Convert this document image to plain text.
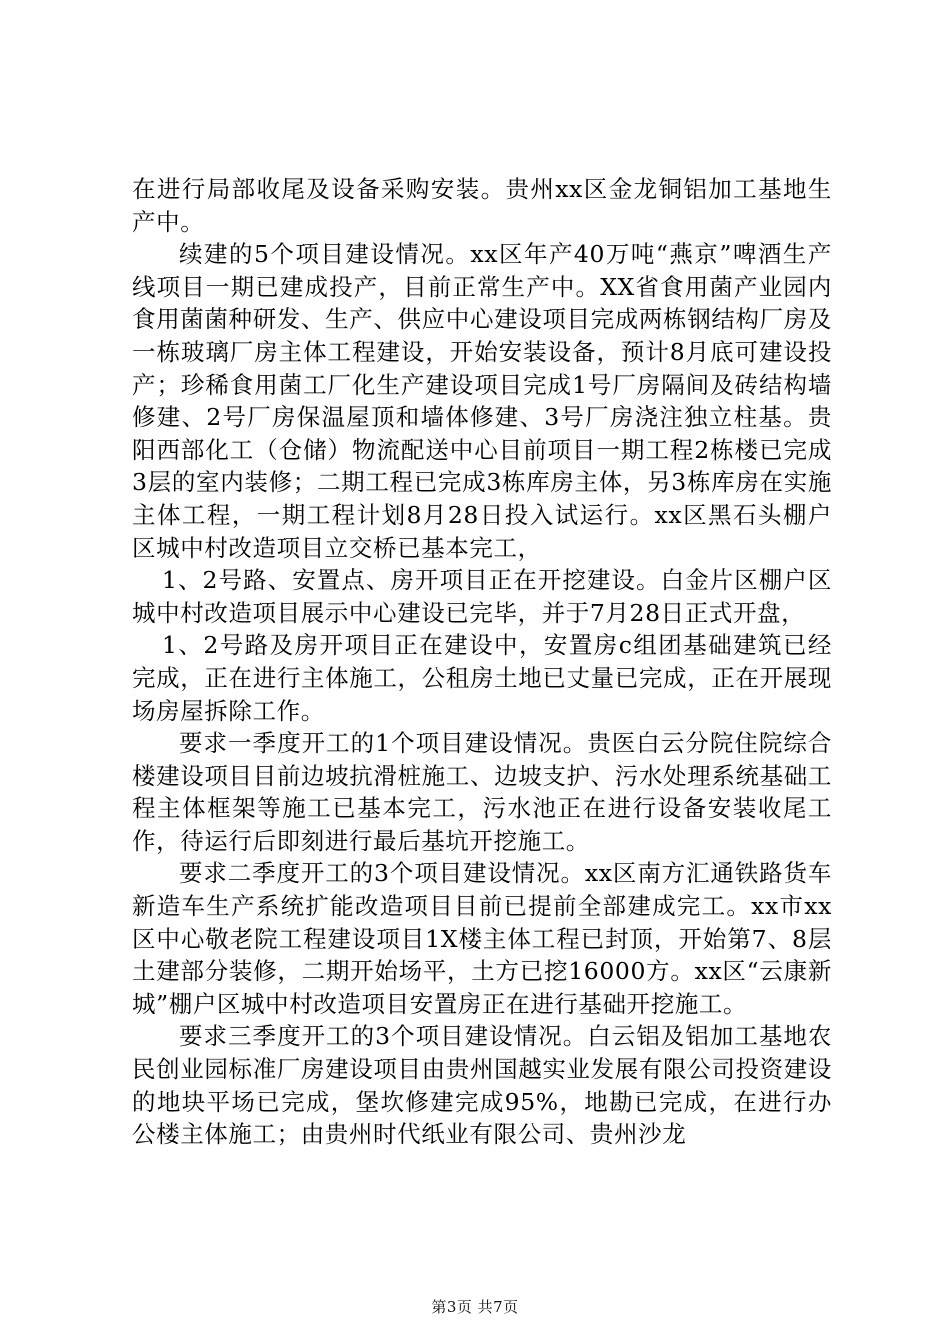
在进行局部收尾及设备采购安装。贵州xx区金龙铜铝加工基地生产中。

续建的5个项目建设情况。xx区年产40万吨“燕京”啤酒生产线项目一期已建成投产，目前正常生产中。XX省食用菌产业园内食用菌菌种研发、生产、供应中心建设项目完成两栋钢结构厂房及一栋玻璃厂房主体工程建设，开始安装设备，预计8月底可建设投产；珍稀食用菌工厂化生产建设项目完成1号厂房隔间及砖结构墙修建、2号厂房保温屋顶和墙体修建、3号厂房浇注独立柱基。贵阳西部化工（仓储）物流配送中心目前项目一期工程2栋楼已完成3层的室内装修；二期工程已完成3栋库房主体，另3栋库房在实施主体工程，一期工程计划8月28日投入试运行。xx区黑石头棚户区城中村改造项目立交桥已基本完工，

1、2号路、安置点、房开项目正在开挖建设。白金片区棚户区城中村改造项目展示中心建设已完毕，并于7月28日正式开盘，

1、2号路及房开项目正在建设中，安置房c组团基础建筑已经完成，正在进行主体施工，公租房土地已丈量已完成，正在开展现场房屋拆除工作。

要求一季度开工的1个项目建设情况。贵医白云分院住院综合楼建设项目目前边坡抗滑桩施工、边坡支护、污水处理系统基础工程主体框架等施工已基本完工，污水池正在进行设备安装收尾工作，待运行后即刻进行最后基坑开挖施工。

要求二季度开工的3个项目建设情况。xx区南方汇通铁路货车新造车生产系统扩能改造项目目前已提前全部建成完工。xx市xx区中心敬老院工程建设项目1X楼主体工程已封顶，开始第7、8层土建部分装修，二期开始场平，土方已挖16000方。xx区“云康新城”棚户区城中村改造项目安置房正在进行基础开挖施工。

要求三季度开工的3个项目建设情况。白云铝及铝加工基地农民创业园标准厂房建设项目由贵州国越实业发展有限公司投资建设的地块平场已完成，堡坎修建完成95%，地勘已完成，在进行办公楼主体施工；由贵州时代纸业有限公司、贵州沙龙

第3页 共7页
